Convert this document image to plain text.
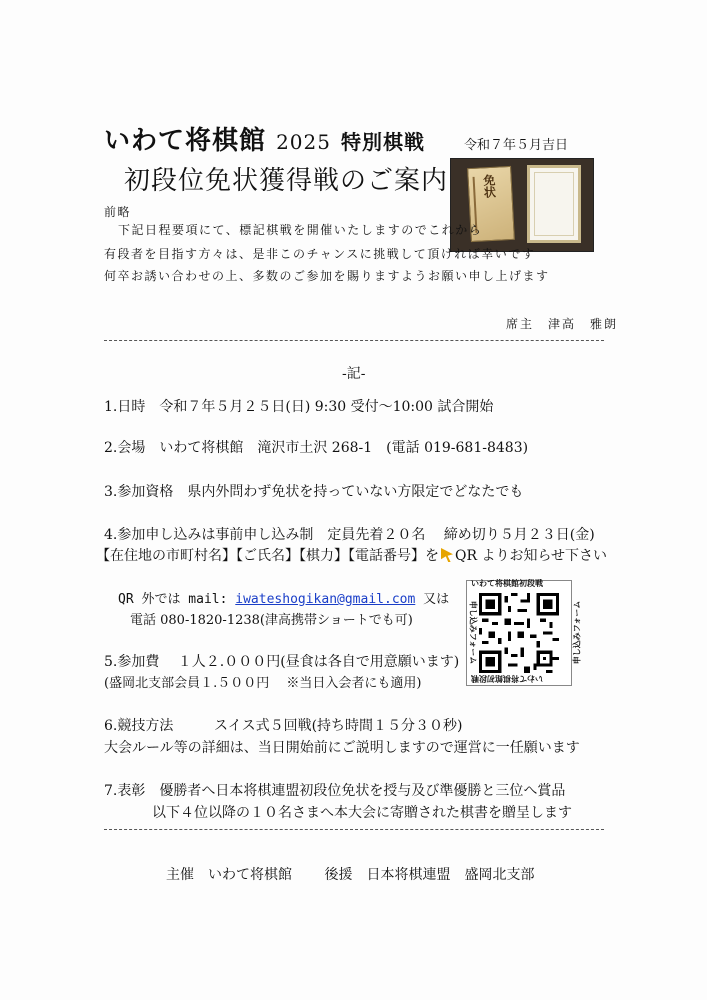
いわて将棋館 2025 特別棋戦	令和７年５月吉日
初段位免状獲得戦のご案内	免状
前略
下記日程要項にて、標記棋戦を開催いたしますのでこれから
有段者を目指す方々は、是非このチャンスに挑戦して頂ければ幸いです
何卒お誘い合わせの上、多数のご参加を賜りますようお願い申し上げます
席主　津高　雅朗
-記-
1.日時　令和７年５月２５日(日) 9:30 受付～10:00 試合開始
2.会場　いわて将棋館　滝沢市土沢 268-1　(電話 019-681-8483)
3.参加資格　県内外問わず免状を持っていない方限定でどなたでも
4.参加申し込みは事前申し込み制　定員先着２０名　 締め切り５月２３日(金)
【在住地の市町村名】【ご氏名】【棋力】【電話番号】を QR よりお知らせ下さい
QR 外では mail: iwateshogikan@gmail.com 又は
電話 080-1820-1238(津高携帯ショートでも可)
いわて将棋館初段戦
いわて将棋館初段戦
申し込みフォーム	申し込みフォーム
5.参加費　 １人２.０００円(昼食は各自で用意願います)
(盛岡北支部会員１.５００円　 ※当日入会者にも適用)
6.競技方法	スイス式５回戦(持ち時間１５分３０秒)
大会ルール等の詳細は、当日開始前にご説明しますので運営に一任願います
7.表彰　優勝者へ日本将棋連盟初段位免状を授与及び準優勝と三位へ賞品
以下４位以降の１０名さまへ本大会に寄贈された棋書を贈呈します
主催　いわて将棋館　　 後援　日本将棋連盟　盛岡北支部
